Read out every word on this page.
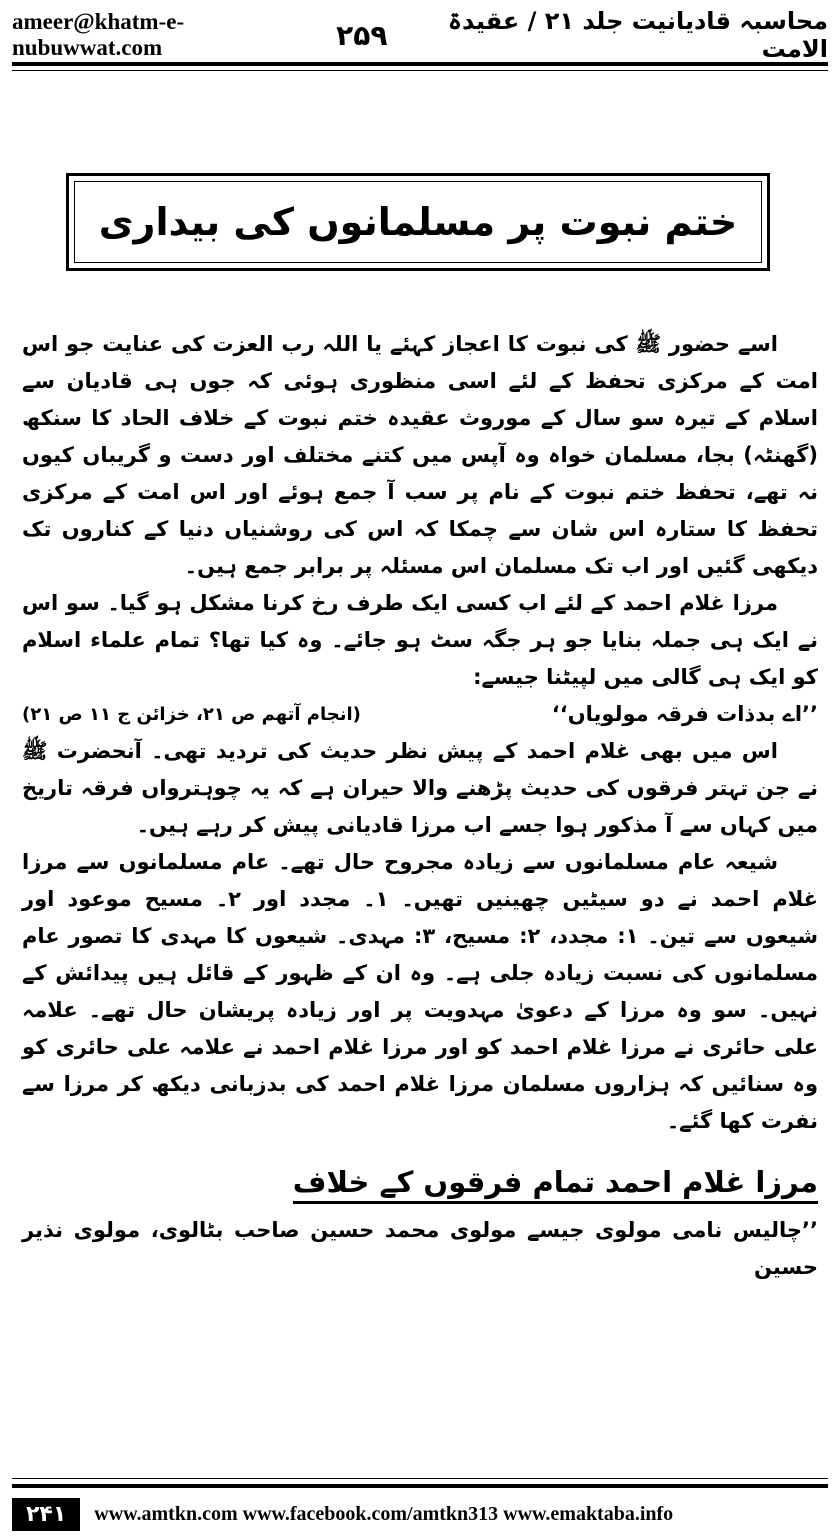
ameer@khatm-e-nubuwwat.com	۲۵۹	محاسبہ قادیانیت جلد ۲۱ / عقیدۃ الامت
ختم نبوت پر مسلمانوں کی بیداری

اسے حضور ﷺ کی نبوت کا اعجاز کہئے یا اللہ رب العزت کی عنایت جو اس امت کے مرکزی تحفظ کے لئے اسی منظوری ہوئی کہ جوں ہی قادیان سے اسلام کے تیرہ سو سال کے موروث عقیدہ ختم نبوت کے خلاف الحاد کا سنکھ (گھنٹہ) بجا، مسلمان خواہ وہ آپس میں کتنے مختلف اور دست و گریباں کیوں نہ تھے، تحفظ ختم نبوت کے نام پر سب آ جمع ہوئے اور اس امت کے مرکزی تحفظ کا ستارہ اس شان سے چمکا کہ اس کی روشنیاں دنیا کے کناروں تک دیکھی گئیں اور اب تک مسلمان اس مسئلہ پر برابر جمع ہیں۔

مرزا غلام احمد کے لئے اب کسی ایک طرف رخ کرنا مشکل ہو گیا۔ سو اس نے ایک ہی جملہ بنایا جو ہر جگہ سٹ ہو جائے۔ وہ کیا تھا؟ تمام علماء اسلام کو ایک ہی گالی میں لپیٹنا جیسے:

’’اے بدذات فرقہ مولویاں‘‘
(انجام آتھم ص ۲۱، خزائن ج ۱۱ ص ۲۱)

اس میں بھی غلام احمد کے پیش نظر حدیث کی تردید تھی۔ آنحضرت ﷺ نے جن تہتر فرقوں کی حدیث پڑھنے والا حیران ہے کہ یہ چوہترواں فرقہ تاریخ میں کہاں سے آ مذکور ہوا جسے اب مرزا قادیانی پیش کر رہے ہیں۔

شیعہ عام مسلمانوں سے زیادہ مجروح حال تھے۔ عام مسلمانوں سے مرزا غلام احمد نے دو سیٹیں چھینیں تھیں۔ ۱۔ مجدد اور ۲۔ مسیح موعود اور شیعوں سے تین۔ ۱: مجدد، ۲: مسیح، ۳: مہدی۔ شیعوں کا مہدی کا تصور عام مسلمانوں کی نسبت زیادہ جلی ہے۔ وہ ان کے ظہور کے قائل ہیں پیدائش کے نہیں۔ سو وہ مرزا کے دعویٰ مہدویت پر اور زیادہ پریشان حال تھے۔ علامہ علی حائری نے مرزا غلام احمد کو اور مرزا غلام احمد نے علامہ علی حائری کو وہ سنائیں کہ ہزاروں مسلمان مرزا غلام احمد کی بدزبانی دیکھ کر مرزا سے نفرت کھا گئے۔

مرزا غلام احمد تمام فرقوں کے خلاف

’’چالیس نامی مولوی جیسے مولوی محمد حسین صاحب بٹالوی، مولوی نذیر حسین

۲۴۱	www.amtkn.com www.facebook.com/amtkn313 www.emaktaba.info
